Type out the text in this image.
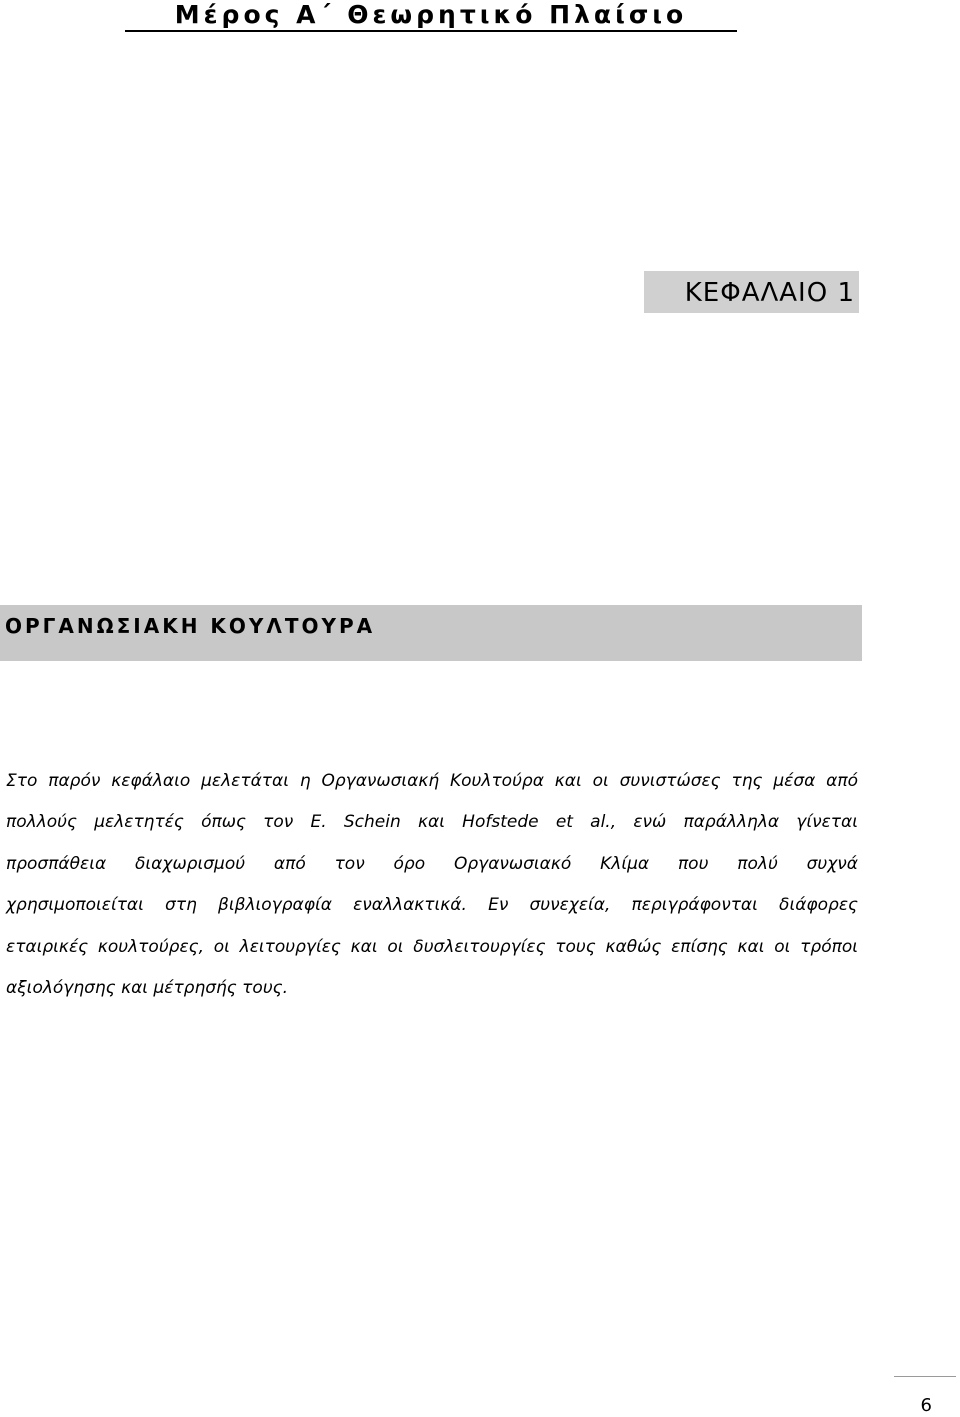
Μέρος Α΄ Θεωρητικό Πλαίσιο
ΚΕΦΑΛΑΙΟ 1
ΟΡΓΑΝΩΣΙΑΚΗ ΚΟΥΛΤΟΥΡΑ
Στο παρόν κεφάλαιο μελετάται η Οργανωσιακή Κουλτούρα και οι συνιστώσες της μέσα από
πολλούς μελετητές όπως τον E. Schein και Hofstede et al., ενώ παράλληλα γίνεται
προσπάθεια διαχωρισμού από τον όρο Οργανωσιακό Κλίμα που πολύ συχνά
χρησιμοποιείται στη βιβλιογραφία εναλλακτικά. Εν συνεχεία, περιγράφονται διάφορες
εταιρικές κουλτούρες, οι λειτουργίες και οι δυσλειτουργίες τους καθώς επίσης και οι τρόποι
αξιολόγησης και μέτρησής τους.
6
